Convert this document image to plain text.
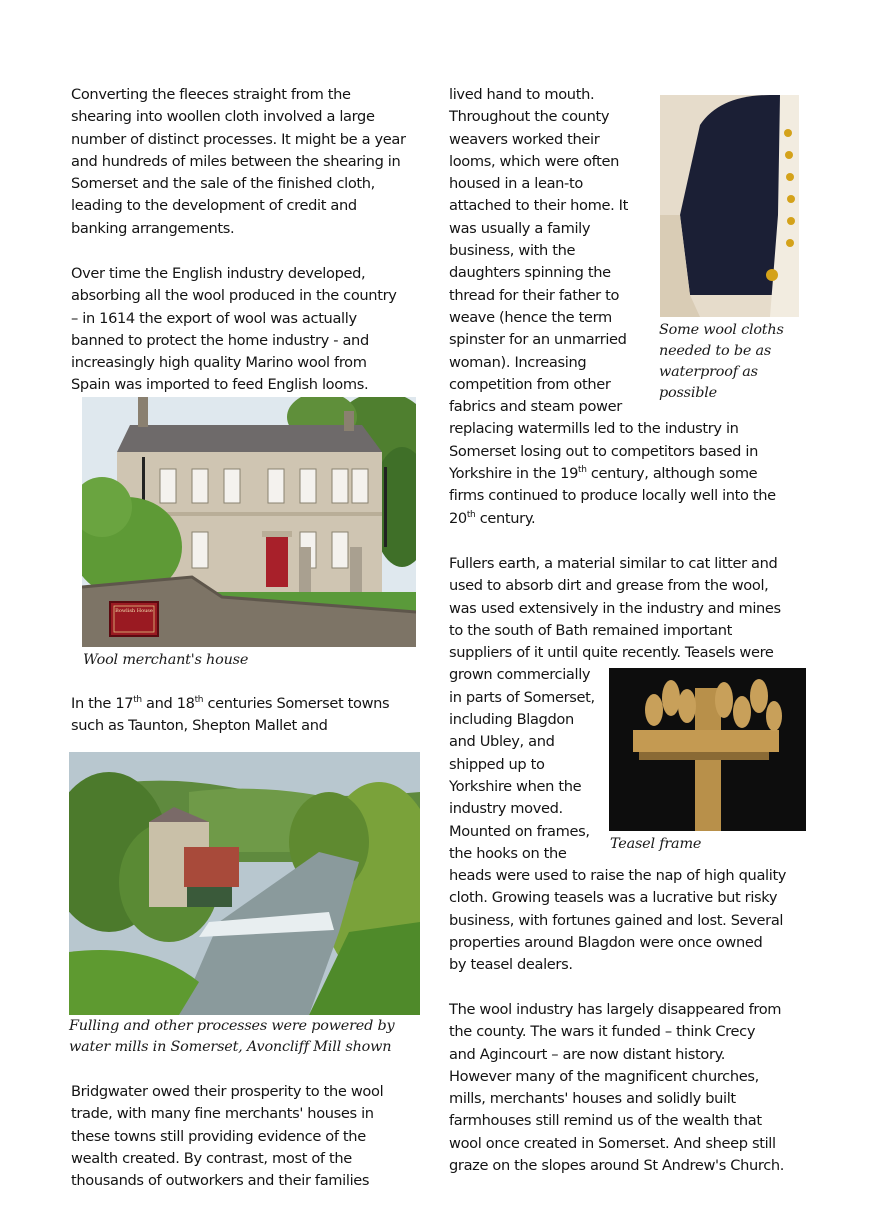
Converting the fleeces straight from the
shearing into woollen cloth involved a large
number of distinct processes. It might be a year
and hundreds of miles between the shearing in
Somerset and the sale of the finished cloth,
leading to the development of credit and
banking arrangements.
Over time the English industry developed,
absorbing all the wool produced in the country
– in 1614 the export of wool was actually
banned to protect the home industry - and
increasingly high quality Marino wool from
Spain was imported to feed English looms.
Bowlish House
Wool merchant's house
In the 17th and 18th centuries Somerset towns
such as Taunton, Shepton Mallet and
Fulling and other processes were powered by
water mills in Somerset, Avoncliff Mill shown
Bridgwater owed their prosperity to the wool
trade, with many fine merchants' houses in
these towns still providing evidence of the
wealth created. By contrast, most of the
thousands of outworkers and their families
lived hand to mouth.
Throughout the county
weavers worked their
looms, which were often
housed in a lean-to
attached to their home. It
was usually a family
business, with the
daughters spinning the
thread for their father to
weave (hence the term
spinster for an unmarried
woman). Increasing
competition from other
fabrics and steam power
replacing watermills led to the industry in
Somerset losing out to competitors based in
Yorkshire in the 19th century, although some
firms continued to produce locally well into the
20th century.
Some wool cloths
needed to be as
waterproof as
possible
Fullers earth, a material similar to cat litter and
used to absorb dirt and grease from the wool,
was used extensively in the industry and mines
to the south of Bath remained important
suppliers of it until quite recently. Teasels were
grown commercially
in parts of Somerset,
including Blagdon
and Ubley, and
shipped up to
Yorkshire when the
industry moved.
Mounted on frames,
the hooks on the
heads were used to raise the nap of high quality
cloth. Growing teasels was a lucrative but risky
business, with fortunes gained and lost. Several
properties around Blagdon were once owned
by teasel dealers.
Teasel frame
The wool industry has largely disappeared from
the county. The wars it funded – think Crecy
and Agincourt – are now distant history.
However many of the magnificent churches,
mills, merchants' houses and solidly built
farmhouses still remind us of the wealth that
wool once created in Somerset. And sheep still
graze on the slopes around St Andrew's Church.
